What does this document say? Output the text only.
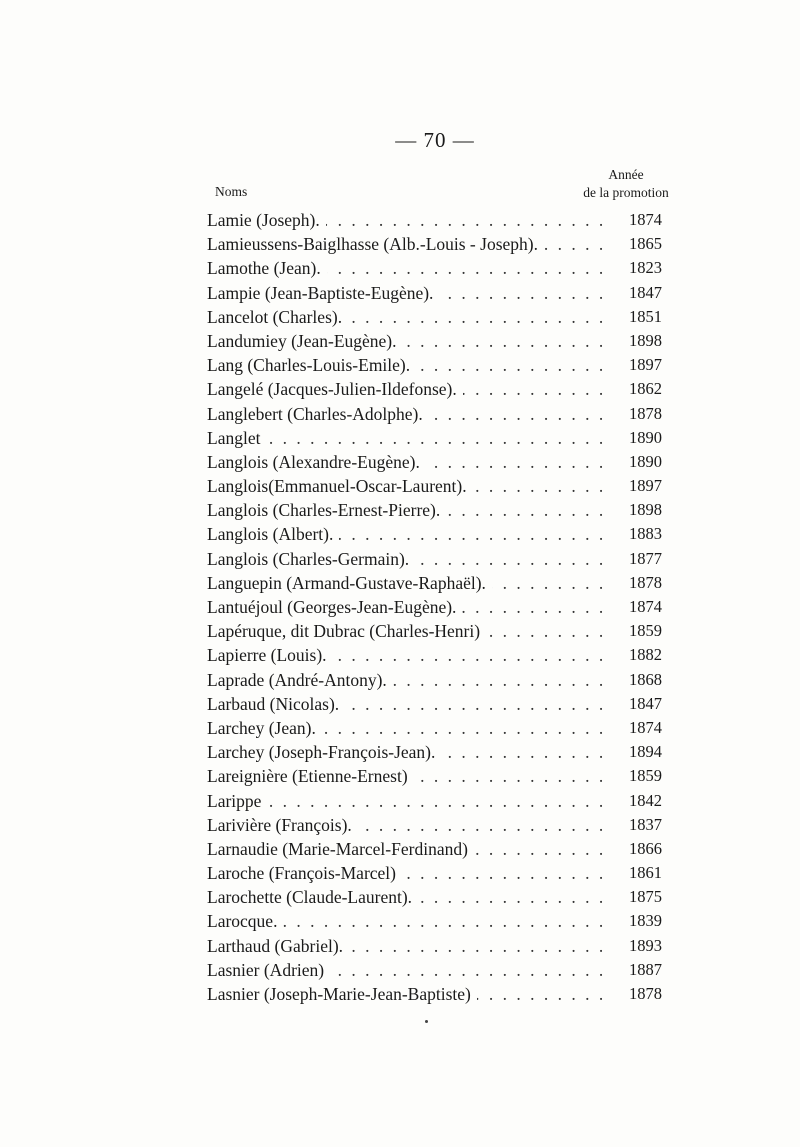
— 70 —
Noms
Année
de la promotion
. . .
Lamie (Joseph).	1874
. . .
Lamieussens-Baiglhasse (Alb.-Louis - Joseph).	1865
. . .
Lamothe (Jean).	1823
. . .
Lampie (Jean-Baptiste-Eugène).	1847
. . .
Lancelot (Charles).	1851
. . .
Landumiey (Jean-Eugène).	1898
. . .
Lang (Charles-Louis-Emile).	1897
. . .
Langelé (Jacques-Julien-Ildefonse).	1862
. . .
Langlebert (Charles-Adolphe).	1878
. . .
Langlet	1890
. . .
Langlois (Alexandre-Eugène).	1890
. . .
Langlois(Emmanuel-Oscar-Laurent).	1897
. . .
Langlois (Charles-Ernest-Pierre).	1898
. . .
Langlois (Albert).	1883
. . .
Langlois (Charles-Germain).	1877
. . .
Languepin (Armand-Gustave-Raphaël).	1878
. . .
Lantuéjoul (Georges-Jean-Eugène).	1874
. . .
Lapéruque, dit Dubrac (Charles-Henri)	1859
. . .
Lapierre (Louis).	1882
. . .
Laprade (André-Antony).	1868
. . .
Larbaud (Nicolas).	1847
. . .
Larchey (Jean).	1874
. . .
Larchey (Joseph-François-Jean).	1894
. . .
Lareignière (Etienne-Ernest)	1859
. . .
Larippe	1842
. . .
Larivière (François).	1837
. . .
Larnaudie (Marie-Marcel-Ferdinand)	1866
. . .
Laroche (François-Marcel)	1861
. . .
Larochette (Claude-Laurent).	1875
. . .
Larocque.	1839
. . .
Larthaud (Gabriel).	1893
. . .
Lasnier (Adrien)	1887
. . .
Lasnier (Joseph-Marie-Jean-Baptiste)	1878
